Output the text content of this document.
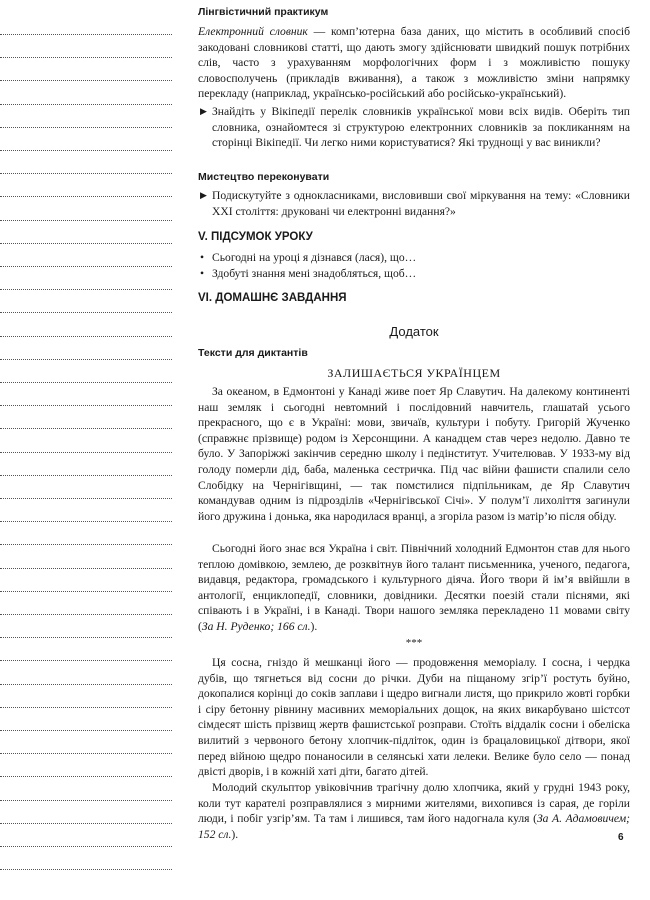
Лінгвістичний практикум
Електронний словник — комп’ютерна база даних, що містить в особливий спосіб закодовані словникові статті, що дають змогу здійснювати швидкий пошук потрібних слів, часто з урахуванням морфологічних форм і з можливістю пошуку словосполучень (прикладів вживання), а також з можливістю зміни напрямку перекладу (наприклад, українсько-російський або російсько-український).
▶ Знайдіть у Вікіпедії перелік словників української мови всіх видів. Оберіть тип словника, ознайомтеся зі структурою електронних словників за покликанням на сторінці Вікіпедії. Чи легко ними користуватися? Які труднощі у вас виникли?
Мистецтво переконувати
▶ Подискутуйте з однокласниками, висловивши свої міркування на тему: «Словники XXI століття: друковані чи електронні видання?»
V. ПІДСУМОК УРОКУ
• Сьогодні на уроці я дізнався (лася), що…
• Здобуті знання мені знадобляться, щоб…
VI. ДОМАШНЄ ЗАВДАННЯ
Додаток
Тексти для диктантів
ЗАЛИШАЄТЬСЯ УКРАЇНЦЕМ

За океаном, в Едмонтоні у Канаді живе поет Яр Славутич. На далекому континенті наш земляк і сьогодні невтомний і послідовний навчитель, глашатай усього прекрасного, що є в Україні: мови, звичаїв, культури і побуту. Григорій Жученко (справжнє прізвище) родом із Херсонщини. А канадцем став через недолю. Давно те було. У Запоріжжі закінчив середню школу і педінститут. Учителював. У 1933-му від голоду померли дід, баба, маленька сестричка. Під час війни фашисти спалили село Слобідку на Чернігівщині, — так помстилися підпільникам, де Яр Славутич командував одним із підрозділів «Чернігівської Січі». У полум’ї лихоліття загинули його дружина і донька, яка народилася вранці, а згоріла разом із матір’ю після обіду.

Сьогодні його знає вся Україна і світ. Північний холодний Едмонтон став для нього теплою домівкою, землею, де розквітнув його талант письменника, ученого, педагога, видавця, редактора, громадського і культурного діяча. Його твори й ім’я ввійшли в антології, енциклопедії, словники, довідники. Десятки поезій стали піснями, які співають і в Україні, і в Канаді. Твори нашого земляка перекладено 11 мовами світу (За Н. Руденко; 166 сл.).

***

Ця сосна, гніздо й мешканці його — продовження меморіалу. І сосна, і чердка дубів, що тягнеться від сосни до річки. Дуби на піщаному згір’ї ростуть буйно, докопалися корінці до соків заплави і щедро вигнали листя, що прикрило жовті горбки і сіру бетонну рівнину масивних меморіальних дощок, на яких викарбувано шістсот сімдесят шість прізвищ жертв фашистської розправи. Стоїть віддалік сосни і обеліска вилитий з червоного бетону хлопчик-підліток, один із брацаловицької дітвори, якої перед війною щедро понаносили в селянські хати лелеки. Велике було село — понад двісті дворів, і в кожній хаті діти, багато дітей.

Молодий скульптор увіковічнив трагічну долю хлопчика, який у грудні 1943 року, коли тут карателі розправлялися з мирними жителями, вихопився із сарая, де горіли люди, і побіг узгір’ям. Та там і лишився, там його надогнала куля (За А. Адамовичем; 152 сл.).	6
